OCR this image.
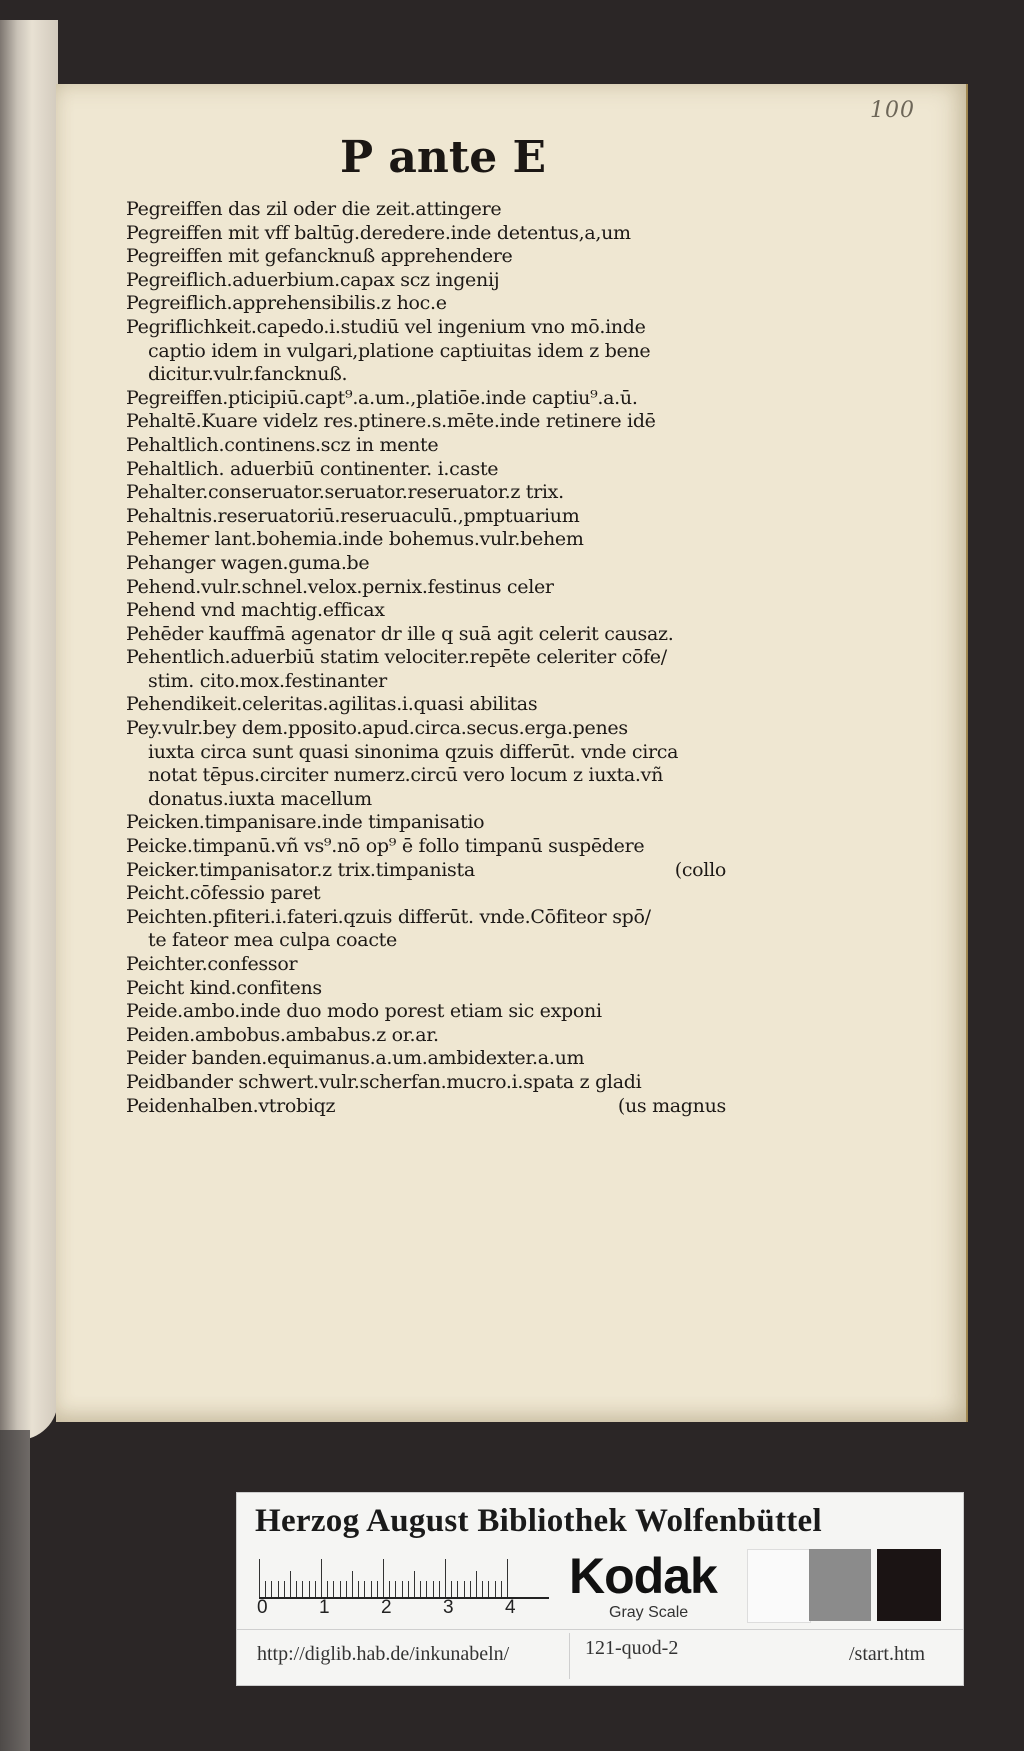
100
P ante E
Pegreiffen das zil oder die zeit.attingere
Pegreiffen mit vff baltūg.deredere.inde detentus,a,um
Pegreiffen mit gefancknuß apprehendere
Pegreiflich.aduerbium.capax scz ingenij
Pegreiflich.apprehensibilis.z hoc.e
Pegriflichkeit.capedo.i.studiū vel ingenium vno mō.inde
captio idem in vulgari,platione captiuitas idem z bene
dicitur.vulr.fancknuß.
Pegreiffen.pticipiū.capt⁹.a.um.,platiōe.inde captiu⁹.a.ū.
Pehaltē.Kuare videlz res.ptinere.s.mēte.inde retinere idē
Pehaltlich.continens.scz in mente
Pehaltlich. aduerbiū continenter. i.caste
Pehalter.conseruator.seruator.reseruator.z trix.
Pehaltnis.reseruatoriū.reseruaculū.,pmptuarium
Pehemer lant.bohemia.inde bohemus.vulr.behem
Pehanger wagen.guma.be
Pehend.vulr.schnel.velox.pernix.festinus celer
Pehend vnd machtig.efficax
Pehēder kauffmā agenator dr ille q suā agit celerit causaz.
Pehentlich.aduerbiū statim velociter.repēte celeriter cōfe/
stim. cito.mox.festinanter
Pehendikeit.celeritas.agilitas.i.quasi abilitas
Pey.vulr.bey dem.pposito.apud.circa.secus.erga.penes
iuxta circa sunt quasi sinonima qzuis differūt. vnde circa
notat tēpus.circiter numerz.circū vero locum z iuxta.vñ
donatus.iuxta macellum
Peicken.timpanisare.inde timpanisatio
Peicke.timpanū.vñ vs⁹.nō op⁹ ē follo timpanū suspēdere
Peicker.timpanisator.z trix.timpanista	(collo
Peicht.cōfessio paret
Peichten.pfiteri.i.fateri.qzuis differūt. vnde.Cōfiteor spō/
te fateor mea culpa coacte
Peichter.confessor
Peicht kind.confitens
Peide.ambo.inde duo modo porest etiam sic exponi
Peiden.ambobus.ambabus.z or.ar.
Peider banden.equimanus.a.um.ambidexter.a.um
Peidbander schwert.vulr.scherfan.mucro.i.spata z gladi
Peidenhalben.vtrobiqz	(us magnus
Herzog August Bibliothek Wolfenbüttel
0	1	2	3	4
Kodak
Gray Scale
http://diglib.hab.de/inkunabeln/	121-quod-2	/start.htm
